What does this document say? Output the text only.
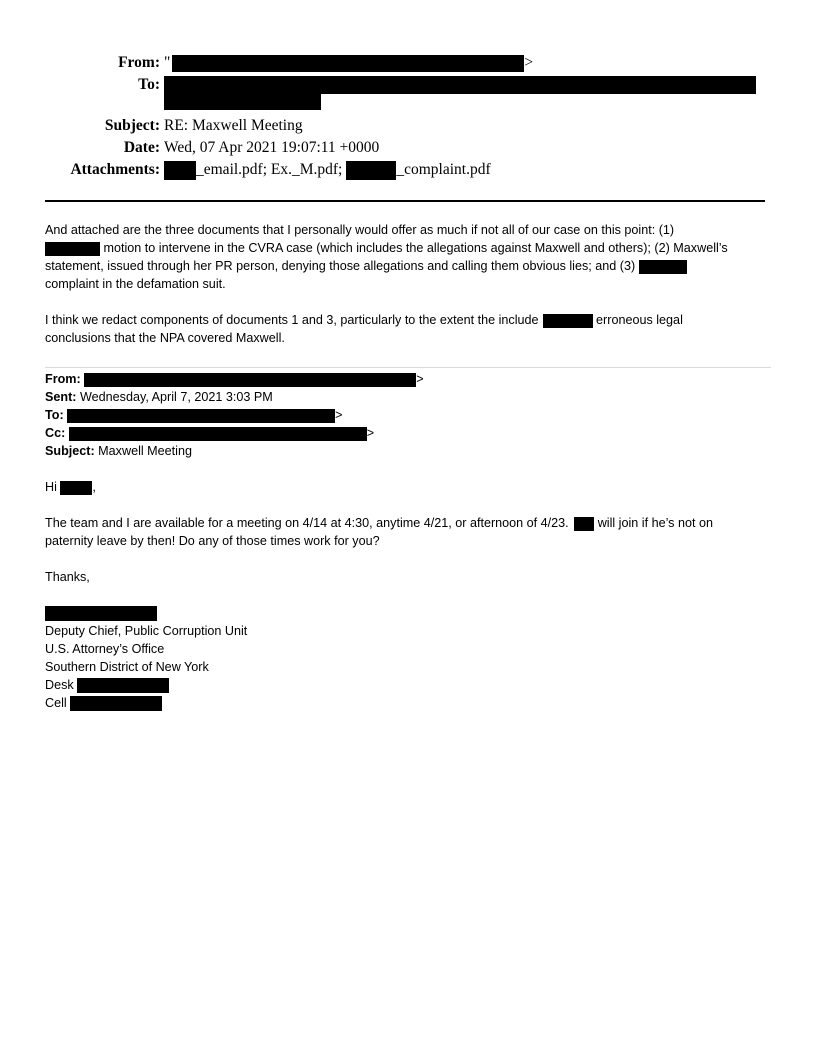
From: "	>
To:
Subject: RE: Maxwell Meeting
Date: Wed, 07 Apr 2021 19:07:11 +0000
Attachments:	_email.pdf; Ex._M.pdf;	_complaint.pdf
And attached are the three documents that I personally would offer as much if not all of our case on this point: (1)
motion to intervene in the CVRA case (which includes the allegations against Maxwell and others); (2) Maxwell’s
statement, issued through her PR person, denying those allegations and calling them obvious lies; and (3)
complaint in the defamation suit.
I think we redact components of documents 1 and 3, particularly to the extent the include	erroneous legal
conclusions that the NPA covered Maxwell.
From:	>
Sent: Wednesday, April 7, 2021 3:03 PM
To:	>
Cc:	>
Subject: Maxwell Meeting
Hi	,
The team and I are available for a meeting on 4/14 at 4:30, anytime 4/21, or afternoon of 4/23. will join if he’s not on
paternity leave by then! Do any of those times work for you?
Thanks,
Deputy Chief, Public Corruption Unit
U.S. Attorney’s Office
Southern District of New York
Desk
Cell
